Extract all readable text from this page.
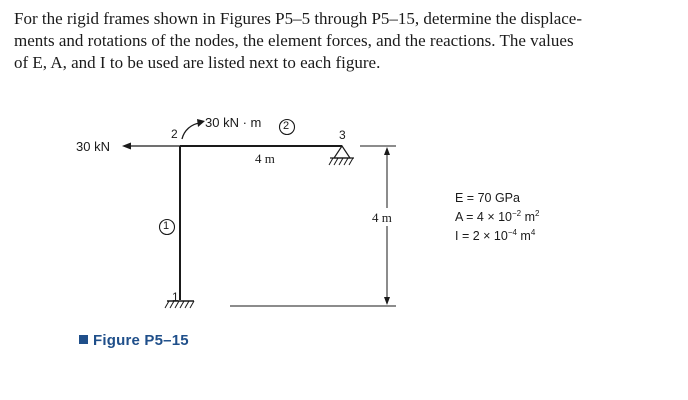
For the rigid frames shown in Figures P5–5 through P5–15, determine the displace-
ments and rotations of the nodes, the element forces, and the reactions. The values
of E, A, and I to be used are listed next to each figure.
30 kN
30 kN · m
4 m
4 m
2	3
1
2
1
E = 70 GPa
$A = 4 \times 10^{-2}$ $m^2$
$I = 2 \times 10^{-4}$ $m^4$
Figure P5–15
